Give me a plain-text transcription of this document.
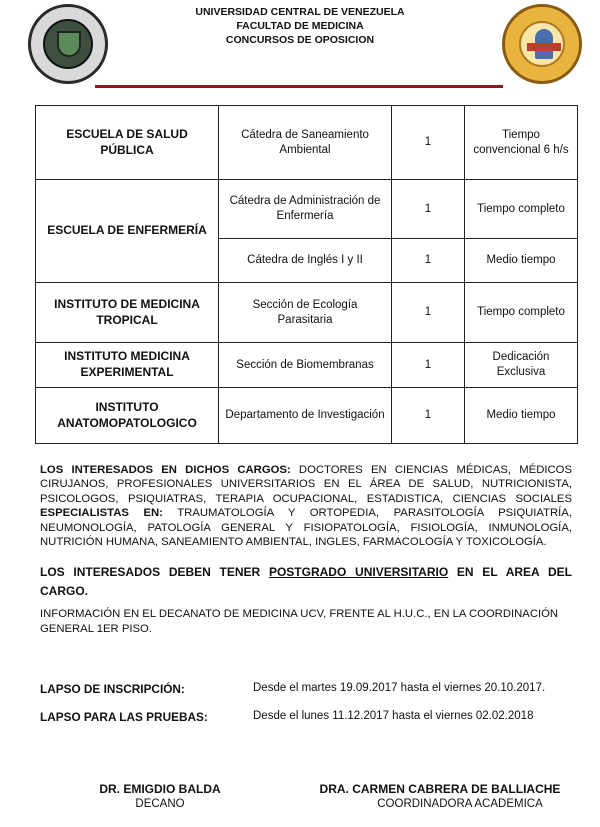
UNIVERSIDAD CENTRAL DE VENEZUELA
FACULTAD DE MEDICINA
CONCURSOS DE OPOSICION
ESCUELA DE SALUD PÚBLICA	Cátedra de Saneamiento Ambiental	1	Tiempo convencional 6 h/s
ESCUELA DE ENFERMERÍA	Cátedra de Administración de Enfermería	1	Tiempo completo
	Cátedra de Inglés I y II	1	Medio tiempo
INSTITUTO DE MEDICINA TROPICAL	Sección de Ecología Parasitaria	1	Tiempo completo
INSTITUTO MEDICINA EXPERIMENTAL	Sección de Biomembranas	1	Dedicación Exclusiva
INSTITUTO ANATOMOPATOLOGICO	Departamento de Investigación	1	Medio tiempo
LOS INTERESADOS EN DICHOS CARGOS: DOCTORES EN CIENCIAS MÉDICAS, MÉDICOS CIRUJANOS, PROFESIONALES UNIVERSITARIOS EN EL ÁREA DE SALUD, NUTRICIONISTA, PSICOLOGOS, PSIQUIATRAS, TERAPIA OCUPACIONAL, ESTADISTICA, CIENCIAS SOCIALES ESPECIALISTAS EN: TRAUMATOLOGÍA Y ORTOPEDIA, PARASITOLOGÍA PSIQUIATRÍA, NEUMONOLOGÍA, PATOLOGÍA GENERAL Y FISIOPATOLOGÍA, FISIOLOGÍA, INMUNOLOGÍA, NUTRICIÓN HUMANA, SANEAMIENTO AMBIENTAL, INGLES, FARMACOLOGÍA Y TOXICOLOGÍA.
LOS INTERESADOS DEBEN TENER POSTGRADO UNIVERSITARIO EN EL AREA DEL CARGO.
INFORMACIÓN EN EL DECANATO DE MEDICINA UCV, FRENTE AL H.U.C., EN LA COORDINACIÓN GENERAL 1ER PISO.
LAPSO DE INSCRIPCIÓN:	Desde el martes 19.09.2017 hasta el viernes 20.10.2017.
LAPSO PARA LAS PRUEBAS:	Desde el lunes 11.12.2017 hasta el viernes 02.02.2018
DR. EMIGDIO BALDA
DECANO
DRA. CARMEN CABRERA DE BALLIACHE
COORDINADORA ACADEMICA
